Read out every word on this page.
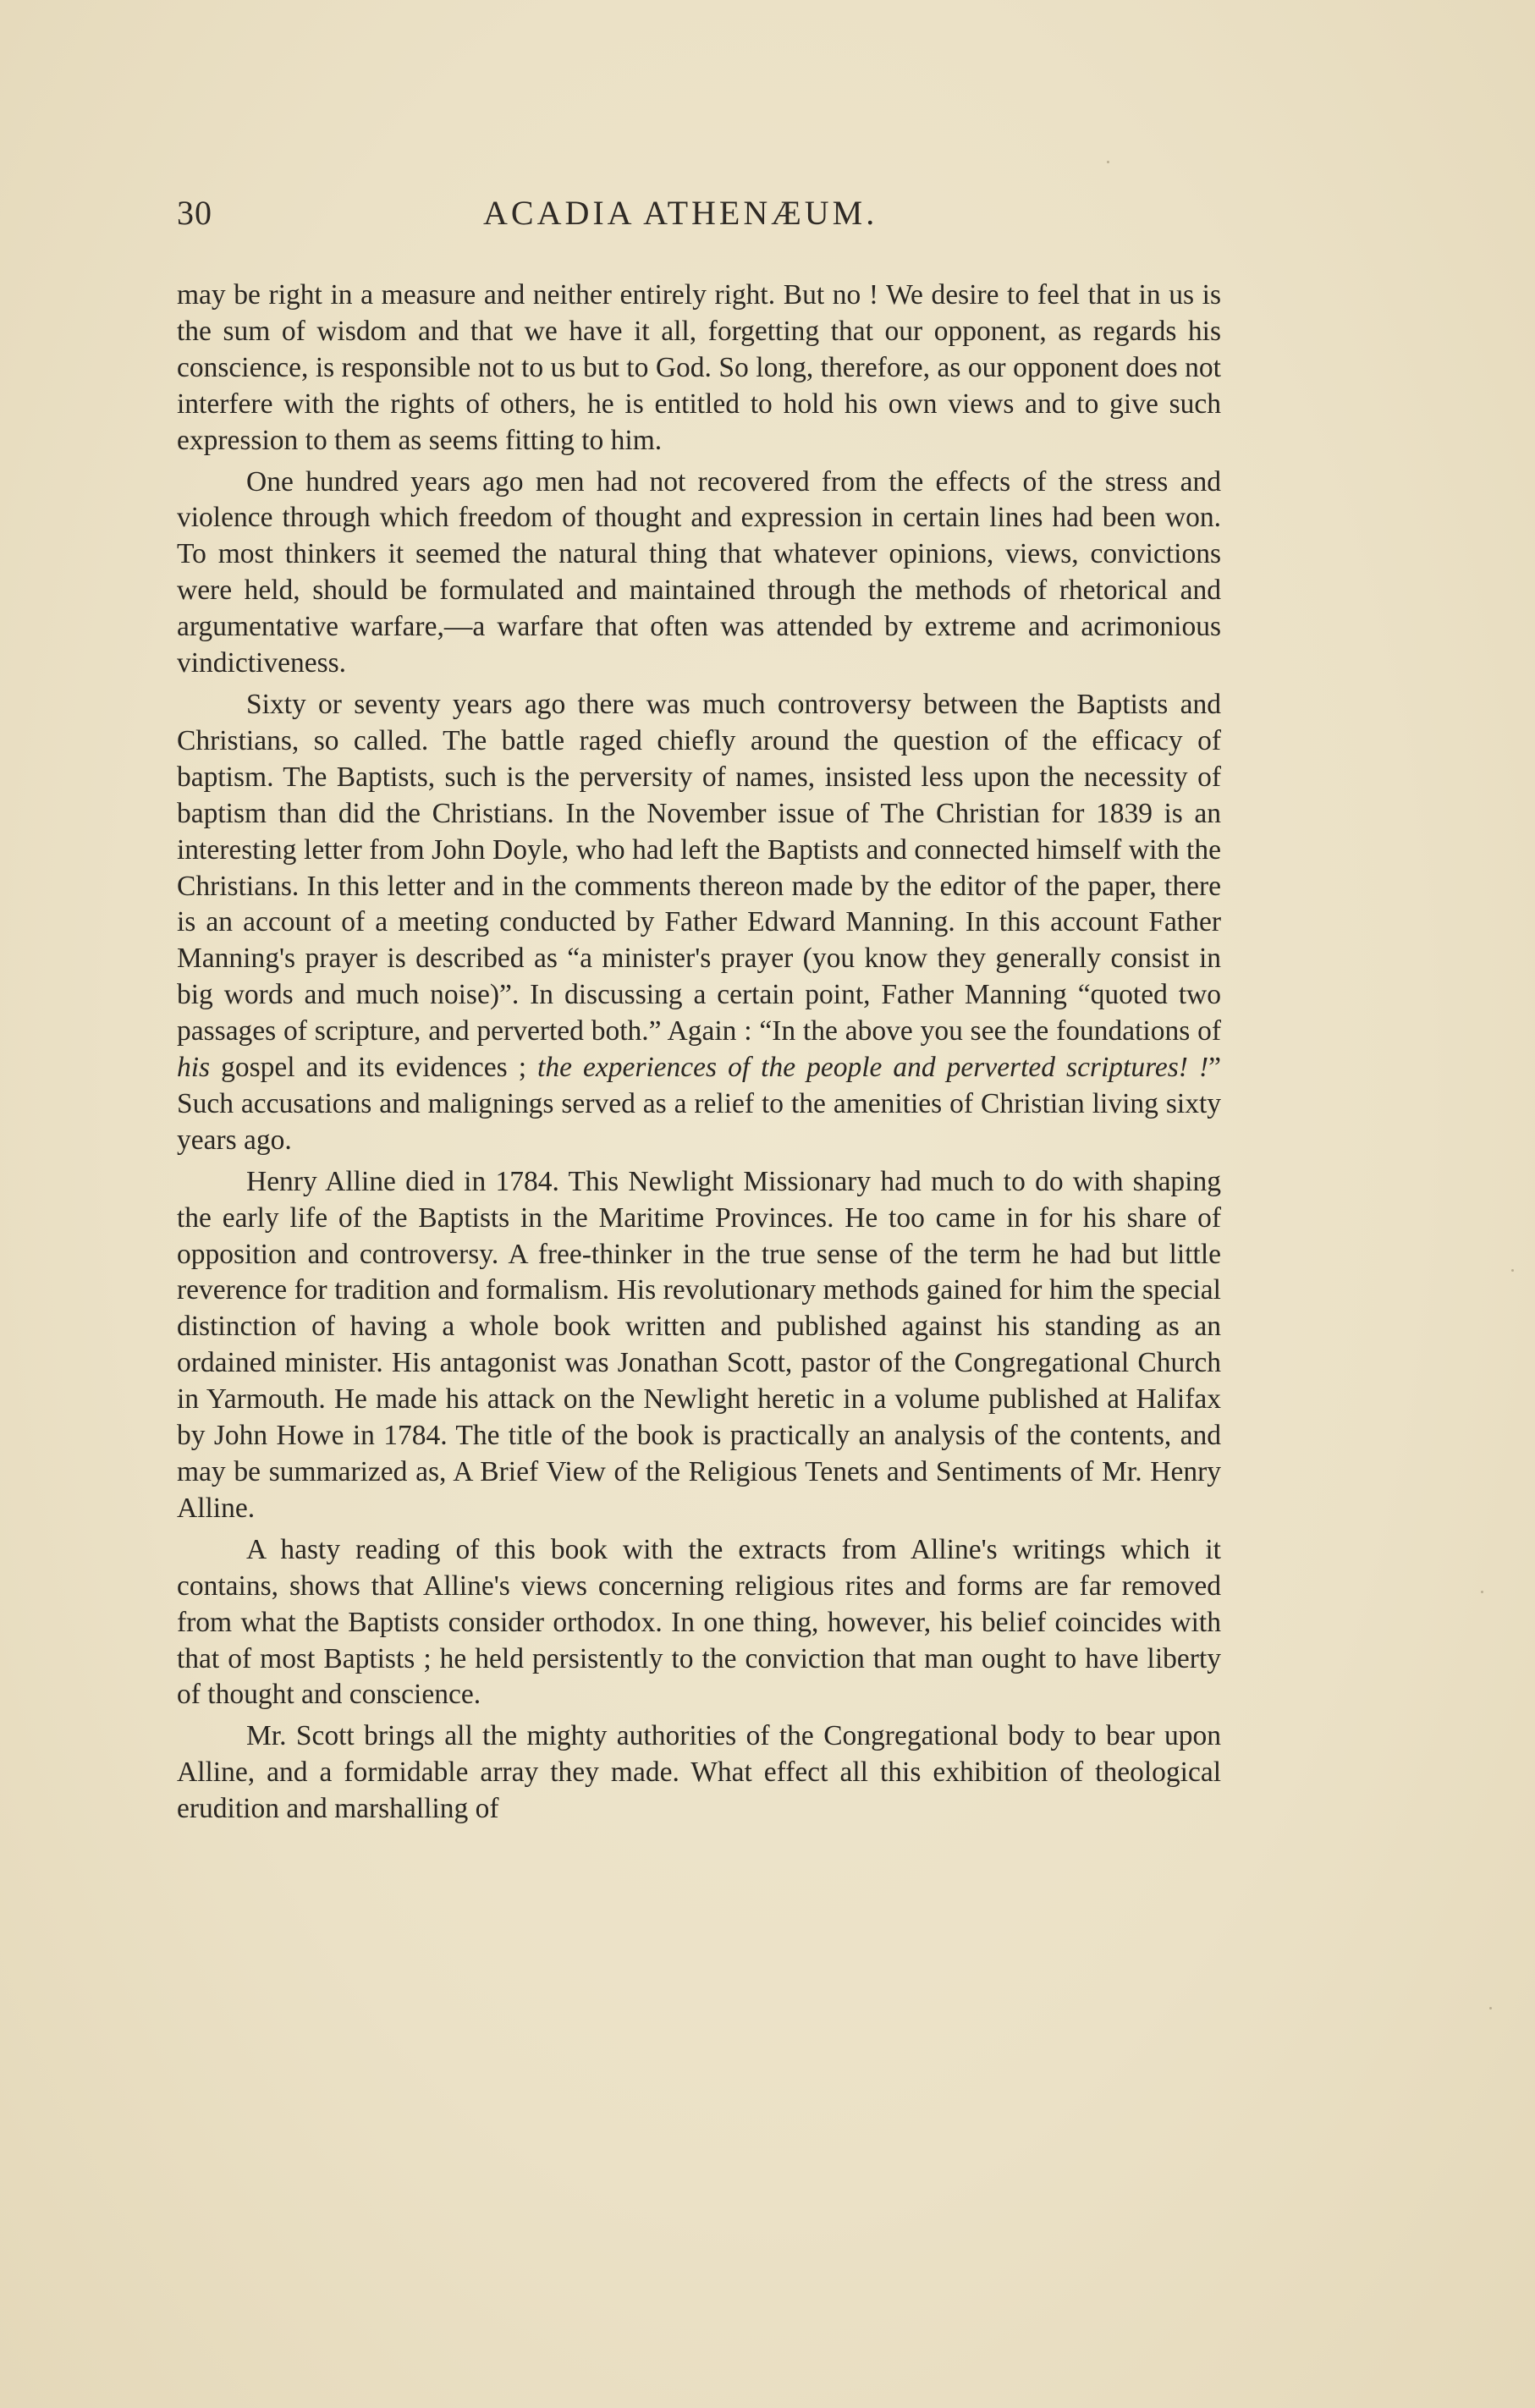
30	ACADIA ATHENÆUM.

may be right in a measure and neither entirely right. But no ! We desire to feel that in us is the sum of wisdom and that we have it all, forgetting that our opponent, as regards his conscience, is responsible not to us but to God. So long, therefore, as our opponent does not interfere with the rights of others, he is entitled to hold his own views and to give such expression to them as seems fitting to him.

One hundred years ago men had not recovered from the effects of the stress and violence through which freedom of thought and expression in certain lines had been won. To most thinkers it seemed the natural thing that whatever opinions, views, convictions were held, should be formulated and maintained through the methods of rhetorical and argumentative warfare,—a warfare that often was attended by extreme and acrimonious vindictiveness.

Sixty or seventy years ago there was much controversy between the Baptists and Christians, so called. The battle raged chiefly around the question of the efficacy of baptism. The Baptists, such is the perversity of names, insisted less upon the necessity of baptism than did the Christians. In the November issue of The Christian for 1839 is an interesting letter from John Doyle, who had left the Baptists and connected himself with the Christians. In this letter and in the comments thereon made by the editor of the paper, there is an account of a meeting conducted by Father Edward Manning. In this account Father Manning's prayer is described as “a minister's prayer (you know they generally consist in big words and much noise)”. In discussing a certain point, Father Manning “quoted two passages of scripture, and perverted both.” Again : “In the above you see the foundations of his gospel and its evidences ; the experiences of the people and perverted scriptures! !” Such accusations and malignings served as a relief to the amenities of Christian living sixty years ago.

Henry Alline died in 1784. This Newlight Missionary had much to do with shaping the early life of the Baptists in the Maritime Provinces. He too came in for his share of opposition and controversy. A free-thinker in the true sense of the term he had but little reverence for tradition and formalism. His revolutionary methods gained for him the special distinction of having a whole book written and published against his standing as an ordained minister. His antagonist was Jonathan Scott, pastor of the Congregational Church in Yarmouth. He made his attack on the Newlight heretic in a volume published at Halifax by John Howe in 1784. The title of the book is practically an analysis of the contents, and may be summarized as, A Brief View of the Religious Tenets and Sentiments of Mr. Henry Alline.

A hasty reading of this book with the extracts from Alline's writings which it contains, shows that Alline's views concerning religious rites and forms are far removed from what the Baptists consider orthodox. In one thing, however, his belief coincides with that of most Baptists ; he held persistently to the conviction that man ought to have liberty of thought and conscience.

Mr. Scott brings all the mighty authorities of the Congregational body to bear upon Alline, and a formidable array they made. What effect all this exhibition of theological erudition and marshalling of
